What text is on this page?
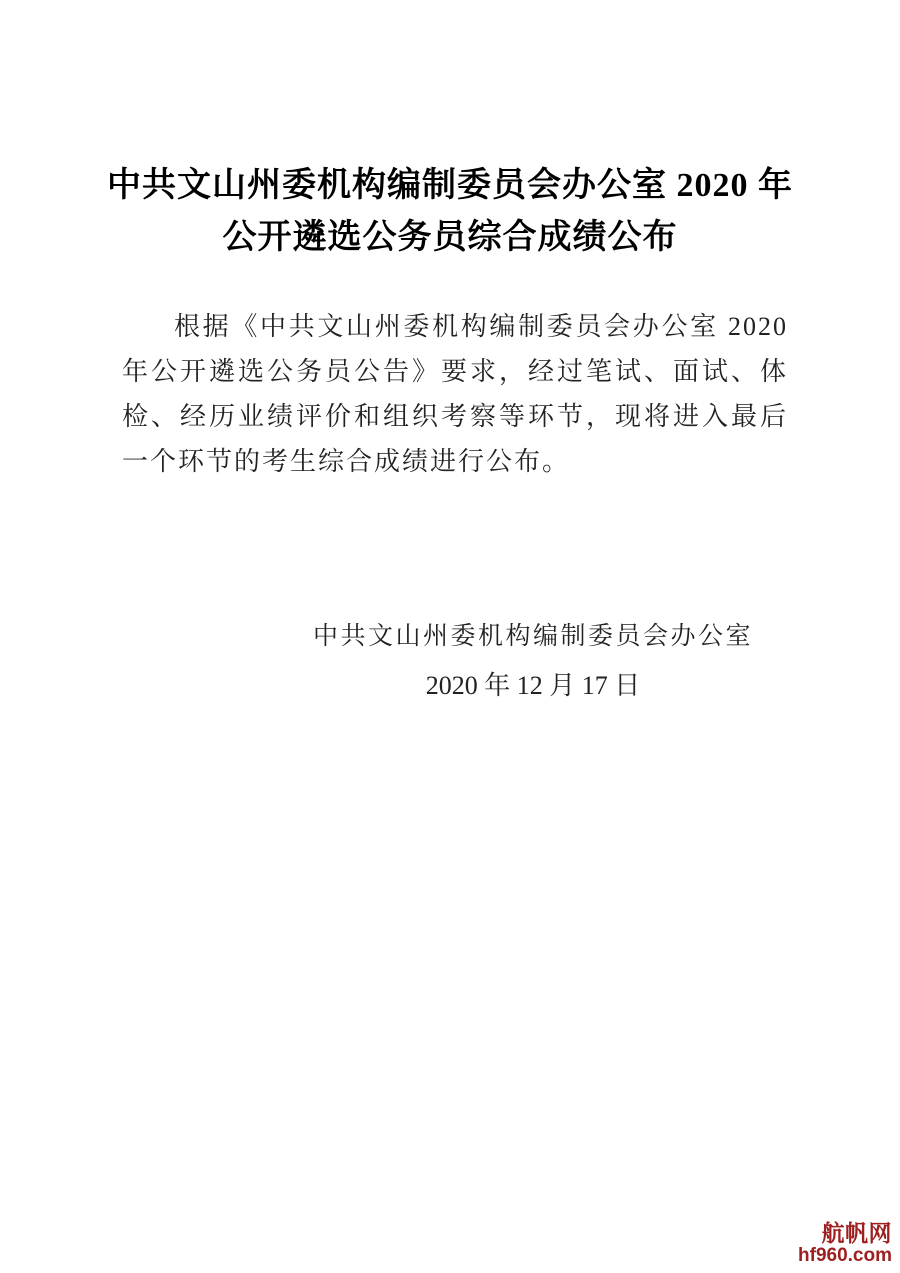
中共文山州委机构编制委员会办公室 2020 年
公开遴选公务员综合成绩公布

根据《中共文山州委机构编制委员会办公室 2020 年公开遴选公务员公告》要求，经过笔试、面试、体检、经历业绩评价和组织考察等环节，现将进入最后一个环节的考生综合成绩进行公布。

中共文山州委机构编制委员会办公室
2020 年 12 月 17 日
航帆网
hf960.com
